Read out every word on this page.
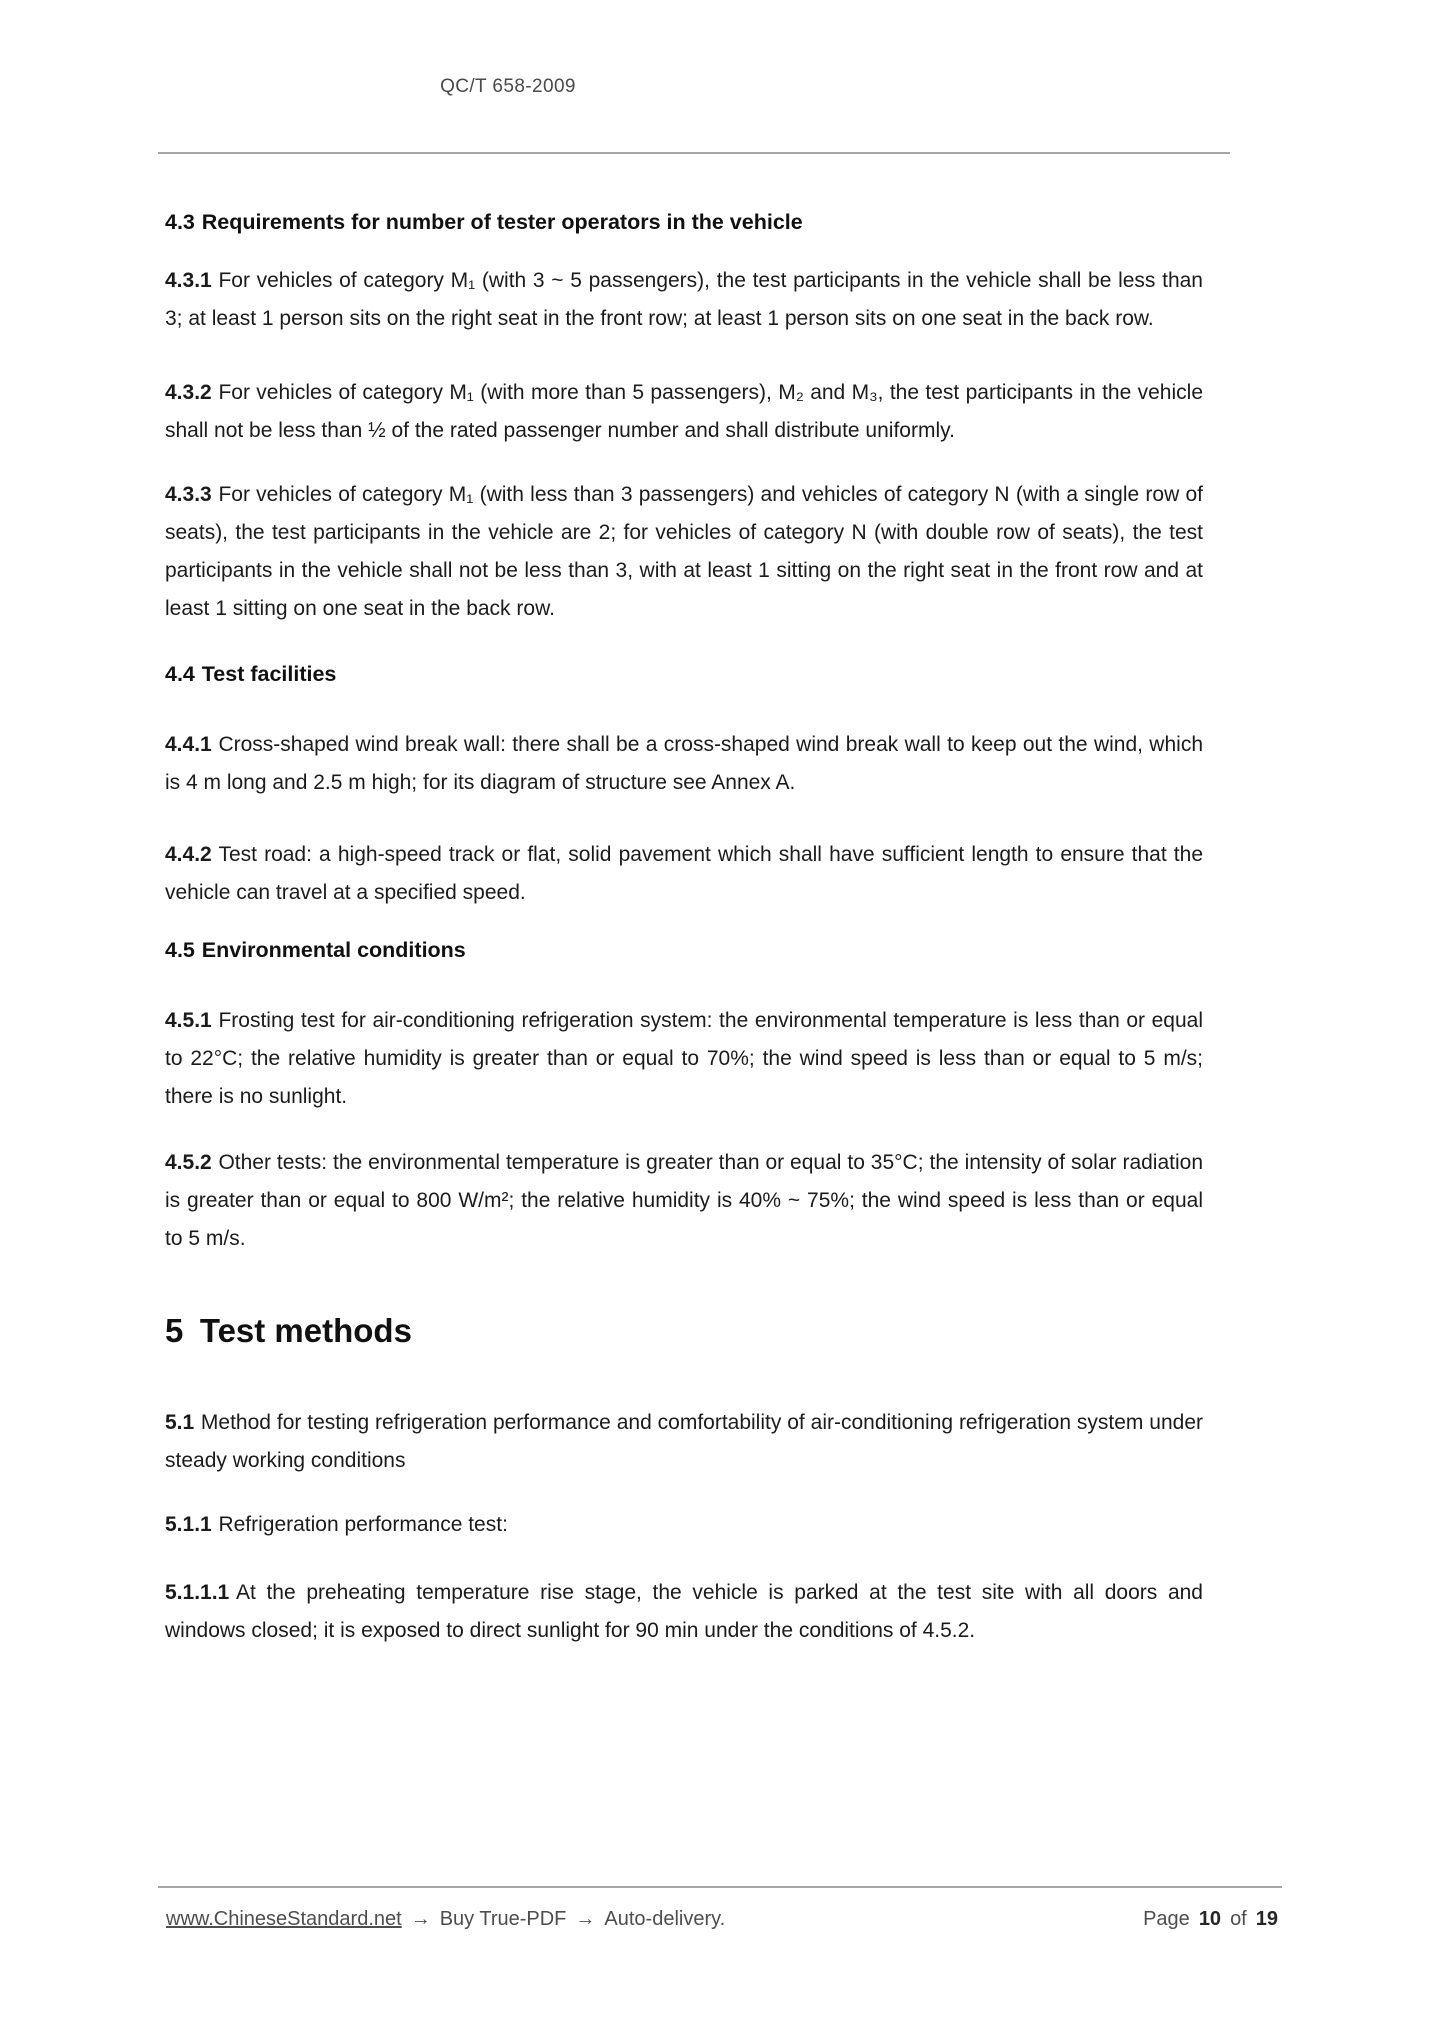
QC/T 658-2009
4.3 Requirements for number of tester operators in the vehicle

4.3.1 For vehicles of category M₁ (with 3 ~ 5 passengers), the test participants in the vehicle shall be less than 3; at least 1 person sits on the right seat in the front row; at least 1 person sits on one seat in the back row.

4.3.2 For vehicles of category M₁ (with more than 5 passengers), M₂ and M₃, the test participants in the vehicle shall not be less than ½ of the rated passenger number and shall distribute uniformly.

4.3.3 For vehicles of category M₁ (with less than 3 passengers) and vehicles of category N (with a single row of seats), the test participants in the vehicle are 2; for vehicles of category N (with double row of seats), the test participants in the vehicle shall not be less than 3, with at least 1 sitting on the right seat in the front row and at least 1 sitting on one seat in the back row.

4.4 Test facilities

4.4.1 Cross-shaped wind break wall: there shall be a cross-shaped wind break wall to keep out the wind, which is 4 m long and 2.5 m high; for its diagram of structure see Annex A.

4.4.2 Test road: a high-speed track or flat, solid pavement which shall have sufficient length to ensure that the vehicle can travel at a specified speed.

4.5 Environmental conditions

4.5.1 Frosting test for air-conditioning refrigeration system: the environmental temperature is less than or equal to 22°C; the relative humidity is greater than or equal to 70%; the wind speed is less than or equal to 5 m/s; there is no sunlight.

4.5.2 Other tests: the environmental temperature is greater than or equal to 35°C; the intensity of solar radiation is greater than or equal to 800 W/m²; the relative humidity is 40% ~ 75%; the wind speed is less than or equal to 5 m/s.

5 Test methods

5.1 Method for testing refrigeration performance and comfortability of air-conditioning refrigeration system under steady working conditions

5.1.1 Refrigeration performance test:

5.1.1.1 At the preheating temperature rise stage, the vehicle is parked at the test site with all doors and windows closed; it is exposed to direct sunlight for 90 min under the conditions of 4.5.2.

www.ChineseStandard.net → Buy True-PDF → Auto-delivery.	Page 10 of 19
